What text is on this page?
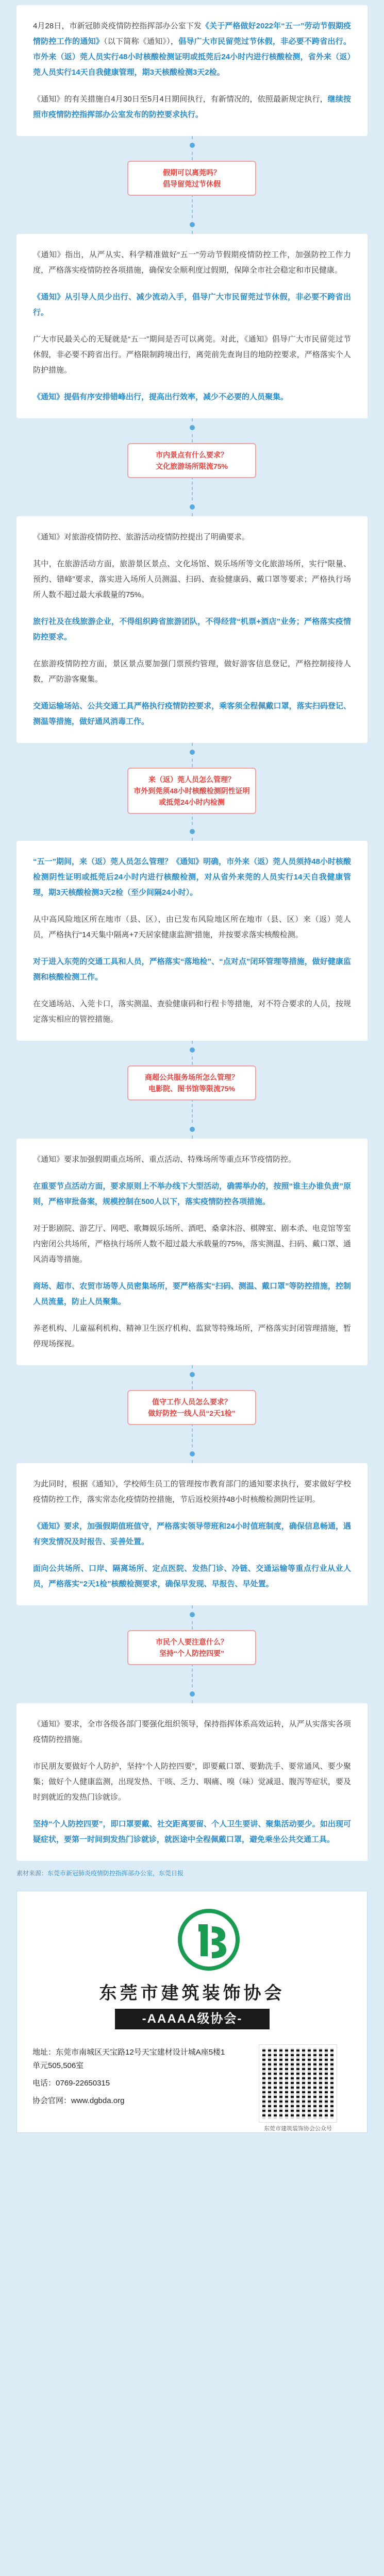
4月28日，市新冠肺炎疫情防控指挥部办公室下发《关于严格做好2022年“五一”劳动节假期疫情防控工作的通知》（以下简称《通知》），倡导广大市民留莞过节休假，非必要不跨省出行。市外来（返）莞人员实行48小时核酸检测证明或抵莞后24小时内进行核酸检测，省外来（返）莞人员实行14天自我健康管理，期3天核酸检测3天2检。

《通知》的有关措施自4月30日至5月4日期间执行，有新情况的，依照最新规定执行，继续按照市疫情防控指挥部办公室发布的防控要求执行。

假期可以离莞吗？
倡导留莞过节休假

《通知》指出，从严从实、科学精准做好“五一”劳动节假期疫情防控工作，加强防控工作力度，严格落实疫情防控各项措施，确保安全顺利度过假期，保障全市社会稳定和市民健康。

《通知》从引导人员少出行、减少流动入手，倡导广大市民留莞过节休假，非必要不跨省出行。

广大市民最关心的无疑就是“五一”期间是否可以离莞。对此，《通知》倡导广大市民留莞过节休假，非必要不跨省出行。严格限制跨境出行，离莞前先查询目的地防控要求，严格落实个人防护措施。

《通知》提倡有序安排错峰出行，提高出行效率，减少不必要的人员聚集。

市内景点有什么要求？
文化旅游场所限流75%

《通知》对旅游疫情防控、旅游活动疫情防控提出了明确要求。

其中，在旅游活动方面，旅游景区景点、文化场馆、娱乐场所等文化旅游场所，实行“限量、预约、错峰”要求，落实进入场所人员测温、扫码、查验健康码、戴口罩等要求；严格执行场所人数不超过最大承载量的75%。

旅行社及在线旅游企业，不得组织跨省旅游团队，不得经营“机票+酒店”业务；严格落实疫情防控要求。

在旅游疫情防控方面，景区景点要加强门票预约管理，做好游客信息登记，严格控制接待人数，严防游客聚集。

交通运输场站、公共交通工具严格执行疫情防控要求，乘客须全程佩戴口罩，落实扫码登记、测温等措施，做好通风消毒工作。

来（返）莞人员怎么管理？
市外到莞须48小时核酸检测阴性证明或抵莞24小时内检测

“五一”期间，来（返）莞人员怎么管理？《通知》明确，市外来（返）莞人员须持48小时核酸检测阴性证明或抵莞后24小时内进行核酸检测，对从省外来莞的人员实行14天自我健康管理，期3天核酸检测3天2检（至少间隔24小时）。

从中高风险地区所在地市（县、区），由已发布风险地区所在地市（县、区）来（返）莞人员，严格执行“14天集中隔离+7天居家健康监测”措施，并按要求落实核酸检测。

对于进入东莞的交通工具和人员，严格落实“落地检”、“点对点”闭环管理等措施，做好健康监测和核酸检测工作。

在交通场站、入莞卡口，落实测温、查验健康码和行程卡等措施，对不符合要求的人员，按规定落实相应的管控措施。

商超公共服务场所怎么管理？
电影院、图书馆等限流75%

《通知》要求加强假期重点场所、重点活动、特殊场所等重点环节疫情防控。

在重要节点活动方面，要求原则上不举办线下大型活动，确需举办的，按照“谁主办谁负责”原则，严格审批备案，规模控制在500人以下，落实疫情防控各项措施。

对于影剧院、游艺厅、网吧、歌舞娱乐场所、酒吧、桑拿沐浴、棋牌室、剧本杀、电竞馆等室内密闭公共场所，严格执行场所人数不超过最大承载量的75%，落实测温、扫码、戴口罩、通风消毒等措施。

商场、超市、农贸市场等人员密集场所，要严格落实“扫码、测温、戴口罩”等防控措施，控制人员流量，防止人员聚集。

养老机构、儿童福利机构、精神卫生医疗机构、监狱等特殊场所，严格落实封闭管理措施，暂停现场探视。

值守工作人员怎么要求？
做好防控一线人员“2天1检”

为此同时，根据《通知》，学校师生员工的管理按市教育部门的通知要求执行，要求做好学校疫情防控工作，落实常态化疫情防控措施，节后返校须持48小时核酸检测阴性证明。

《通知》要求，加强假期值班值守，严格落实领导带班和24小时值班制度，确保信息畅通，遇有突发情况及时报告、妥善处置。

面向公共场所、口岸、隔离场所、定点医院、发热门诊、冷链、交通运输等重点行业从业人员，严格落实“2天1检”核酸检测要求，确保早发现、早报告、早处置。

市民个人要注意什么？
坚持“个人防控四要”

《通知》要求，全市各级各部门要强化组织领导，保持指挥体系高效运转，从严从实落实各项疫情防控措施。

市民朋友要做好个人防护，坚持“个人防控四要”，即要戴口罩、要勤洗手、要常通风、要少聚集；做好个人健康监测，出现发热、干咳、乏力、咽痛、嗅（味）觉减退、腹泻等症状，要及时到就近的发热门诊就诊。

坚持“个人防控四要”，即口罩要戴、社交距离要留、个人卫生要讲、聚集活动要少。如出现可疑症状，要第一时间到发热门诊就诊，就医途中全程佩戴口罩，避免乘坐公共交通工具。

素材来源：东莞市新冠肺炎疫情防控指挥部办公室，东莞日报
东莞市建筑装饰协会
-AAAAA级协会-
地址：东莞市南城区天宝路12号天宝建材设计城A座5楼1单元505,506室
电话：0769-22650315
协会官网：www.dgbda.org
东莞市建筑装饰协会公众号
